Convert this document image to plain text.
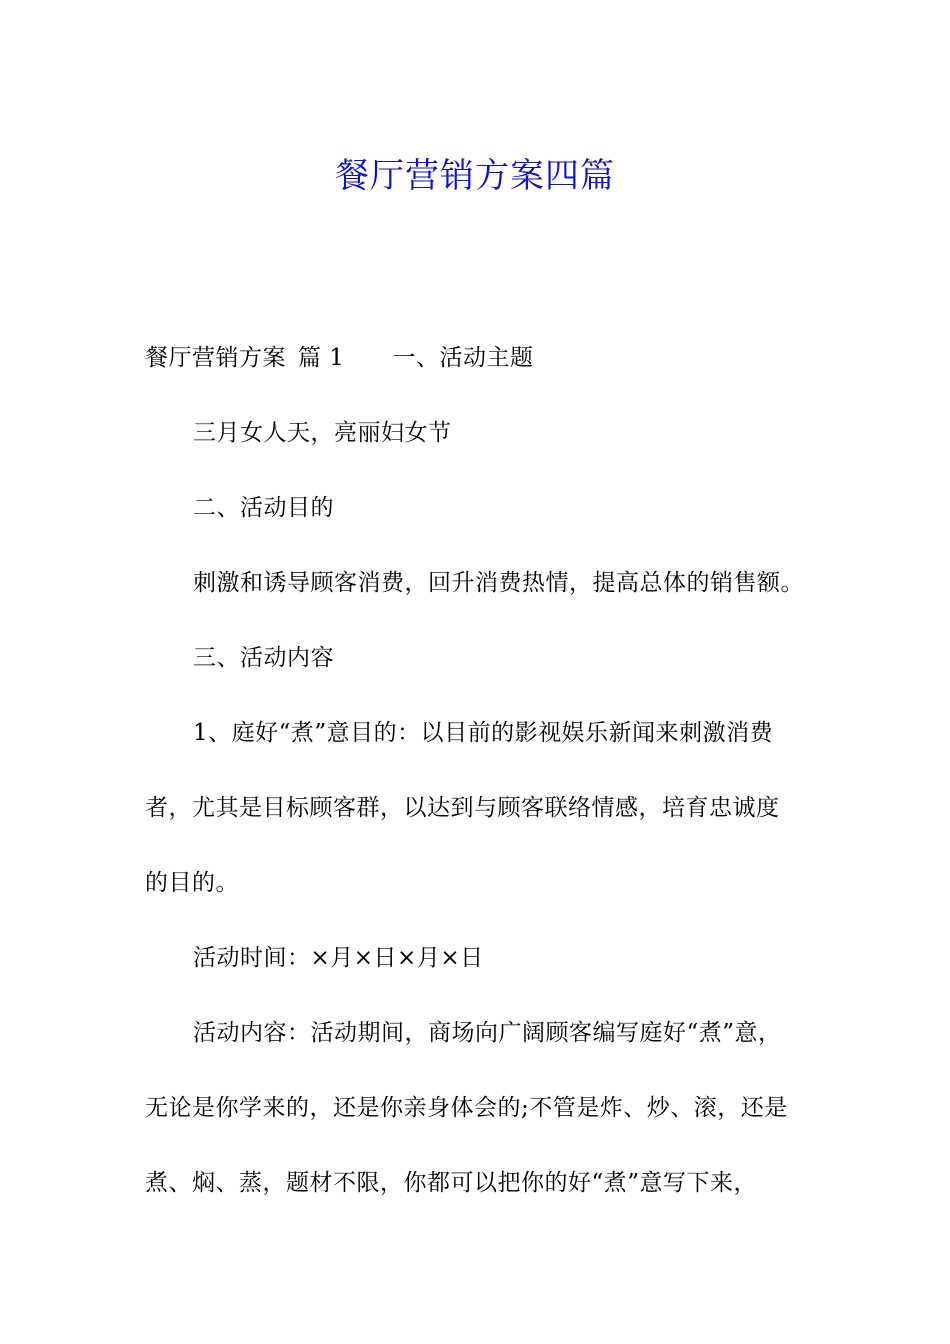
餐厅营销方案四篇
餐厅营销方案 篇 1 一、活动主题
三月女人天，亮丽妇女节
二、活动目的
刺激和诱导顾客消费，回升消费热情，提高总体的销售额。
三、活动内容
1、庭好“煮”意目的：以目前的影视娱乐新闻来刺激消费
者，尤其是目标顾客群，以达到与顾客联络情感，培育忠诚度
的目的。
活动时间：×月×日×月×日
活动内容：活动期间，商场向广阔顾客编写庭好“煮”意，
无论是你学来的，还是你亲身体会的;不管是炸、炒、滚，还是
煮、焖、蒸，题材不限，你都可以把你的好“煮”意写下来，
